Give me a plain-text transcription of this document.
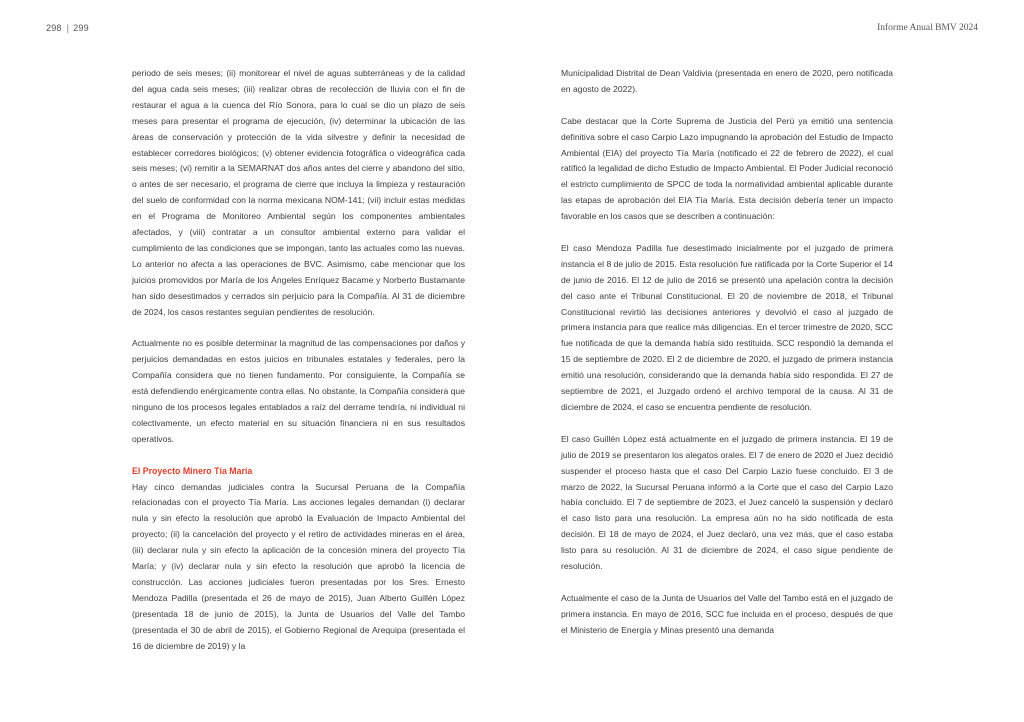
298 | 299	Informe Anual BMV 2024

periodo de seis meses; (ii) monitorear el nivel de aguas subterráneas y de la calidad del agua cada seis meses; (iii) realizar obras de recolección de lluvia con el fin de restaurar el agua a la cuenca del Río Sonora, para lo cual se dio un plazo de seis meses para presentar el programa de ejecución, (iv) determinar la ubicación de las áreas de conservación y protección de la vida silvestre y definir la necesidad de establecer corredores biológicos; (v) obtener evidencia fotográfica o videográfica cada seis meses; (vi) remitir a la SEMARNAT dos años antes del cierre y abandono del sitio, o antes de ser necesario, el programa de cierre que incluya la limpieza y restauración del suelo de conformidad con la norma mexicana NOM-141; (vii) incluir estas medidas en el Programa de Monitoreo Ambiental según los componentes ambientales afectados, y (viii) contratar a un consultor ambiental externo para validar el cumplimiento de las condiciones que se impongan, tanto las actuales como las nuevas. Lo anterior no afecta a las operaciones de BVC. Asimismo, cabe mencionar que los juicios promovidos por María de los Ángeles Enríquez Bacame y Norberto Bustamante han sido desestimados y cerrados sin perjuicio para la Compañía. Al 31 de diciembre de 2024, los casos restantes seguían pendientes de resolución.

Actualmente no es posible determinar la magnitud de las compensaciones por daños y perjuicios demandadas en estos juicios en tribunales estatales y federales, pero la Compañía considera que no tienen fundamento. Por consiguiente, la Compañía se está defendiendo enérgicamente contra ellas. No obstante, la Compañía considera que ninguno de los procesos legales entablados a raíz del derrame tendría, ni individual ni colectivamente, un efecto material en su situación financiera ni en sus resultados operativos.

El Proyecto Minero Tía María

Hay cinco demandas judiciales contra la Sucursal Peruana de la Compañía relacionadas con el proyecto Tía María. Las acciones legales demandan (i) declarar nula y sin efecto la resolución que aprobó la Evaluación de Impacto Ambiental del proyecto; (ii) la cancelación del proyecto y el retiro de actividades mineras en el área, (iii) declarar nula y sin efecto la aplicación de la concesión minera del proyecto Tía María; y (iv) declarar nula y sin efecto la resolución que aprobó la licencia de construcción. Las acciones judiciales fueron presentadas por los Sres. Ernesto Mendoza Padilla (presentada el 26 de mayo de 2015), Juan Alberto Guillén López (presentada 18 de junio de 2015), la Junta de Usuarios del Valle del Tambo (presentada el 30 de abril de 2015), el Gobierno Regional de Arequipa (presentada el 16 de diciembre de 2019) y la

Municipalidad Distrital de Dean Valdivia (presentada en enero de 2020, pero notificada en agosto de 2022).

Cabe destacar que la Corte Suprema de Justicia del Perú ya emitió una sentencia definitiva sobre el caso Carpio Lazo impugnando la aprobación del Estudio de Impacto Ambiental (EIA) del proyecto Tía María (notificado el 22 de febrero de 2022), el cual ratificó la legalidad de dicho Estudio de Impacto Ambiental. El Poder Judicial reconoció el estricto cumplimiento de SPCC de toda la normatividad ambiental aplicable durante las etapas de aprobación del EIA Tía María. Esta decisión debería tener un impacto favorable en los casos que se describen a continuación:

El caso Mendoza Padilla fue desestimado inicialmente por el juzgado de primera instancia el 8 de julio de 2015. Esta resolución fue ratificada por la Corte Superior el 14 de junio de 2016. El 12 de julio de 2016 se presentó una apelación contra la decisión del caso ante el Tribunal Constitucional. El 20 de noviembre de 2018, el Tribunal Constitucional revirtió las decisiones anteriores y devolvió el caso al juzgado de primera instancia para que realice más diligencias. En el tercer trimestre de 2020, SCC fue notificada de que la demanda había sido restituida. SCC respondió la demanda el 15 de septiembre de 2020. El 2 de diciembre de 2020, el juzgado de primera instancia emitió una resolución, considerando que la demanda había sido respondida. El 27 de septiembre de 2021, el Juzgado ordenó el archivo temporal de la causa. Al 31 de diciembre de 2024, el caso se encuentra pendiente de resolución.

El caso Guillén López está actualmente en el juzgado de primera instancia. El 19 de julio de 2019 se presentaron los alegatos orales. El 7 de enero de 2020 el Juez decidió suspender el proceso hasta que el caso Del Carpio Lazio fuese concluido. El 3 de marzo de 2022, la Sucursal Peruana informó a la Corte que el caso del Carpio Lazo había concluido. El 7 de septiembre de 2023, el Juez canceló la suspensión y declaró el caso listo para una resolución. La empresa aún no ha sido notificada de esta decisión. El 18 de mayo de 2024, el Juez declaró, una vez más, que el caso estaba listo para su resolución. Al 31 de diciembre de 2024, el caso sigue pendiente de resolución.

Actualmente el caso de la Junta de Usuarios del Valle del Tambo está en el juzgado de primera instancia. En mayo de 2016, SCC fue incluida en el proceso, después de que el Ministerio de Energía y Minas presentó una demanda
